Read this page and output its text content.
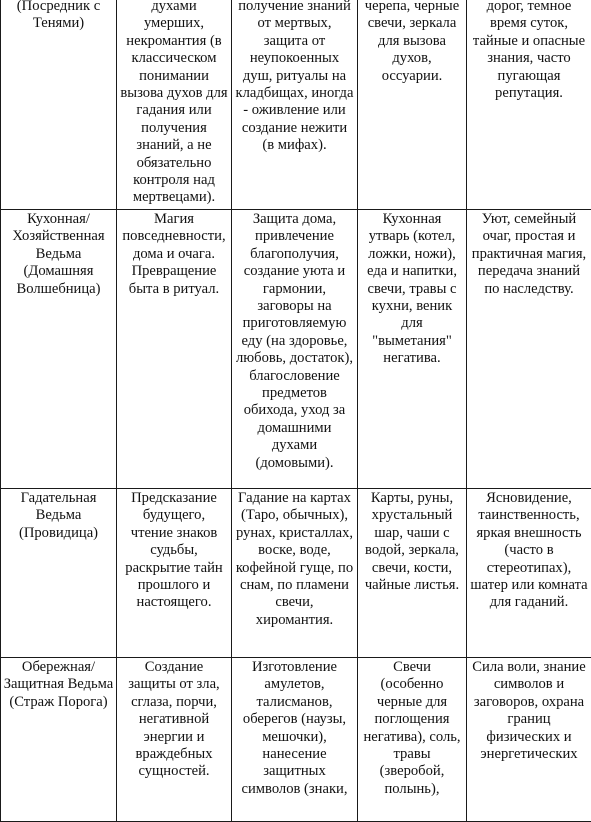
(Посредник с Тенями)	духами умерших, некромантия (в классическом понимании вызова духов для гадания или получения знаний, а не обязательно контроля над мертвецами).	получение знаний от мертвых, защита от неупокоенных душ, ритуалы на кладбищах, иногда - оживление или создание нежити (в мифах).	черепа, черные свечи, зеркала для вызова духов, оссуарии.	дорог, темное время суток, тайные и опасные знания, часто пугающая репутация.

Кухонная/ Хозяйственная Ведьма (Домашняя Волшебница)	Магия повседневности, дома и очага. Превращение быта в ритуал.	Защита дома, привлечение благополучия, создание уюта и гармонии, заговоры на приготовляемую еду (на здоровье, любовь, достаток), благословение предметов обихода, уход за домашними духами (домовыми).	Кухонная утварь (котел, ложки, ножи), еда и напитки, свечи, травы с кухни, веник для "выметания" негатива.	Уют, семейный очаг, простая и практичная магия, передача знаний по наследству.

Гадательная Ведьма (Провидица)	Предсказание будущего, чтение знаков судьбы, раскрытие тайн прошлого и настоящего.	Гадание на картах (Таро, обычных), рунах, кристаллах, воске, воде, кофейной гуще, по снам, по пламени свечи, хиромантия.	Карты, руны, хрустальный шар, чаши с водой, зеркала, свечи, кости, чайные листья.	Ясновидение, таинственность, яркая внешность (часто в стереотипах), шатер или комната для гаданий.

Обережная/ Защитная Ведьма (Страж Порога)	Создание защиты от зла, сглаза, порчи, негативной энергии и враждебных сущностей.	Изготовление амулетов, талисманов, оберегов (наузы, мешочки), нанесение защитных символов (знаки,	Свечи (особенно черные для поглощения негатива), соль, травы (зверобой, полынь),	Сила воли, знание символов и заговоров, охрана границ физических и энергетических
